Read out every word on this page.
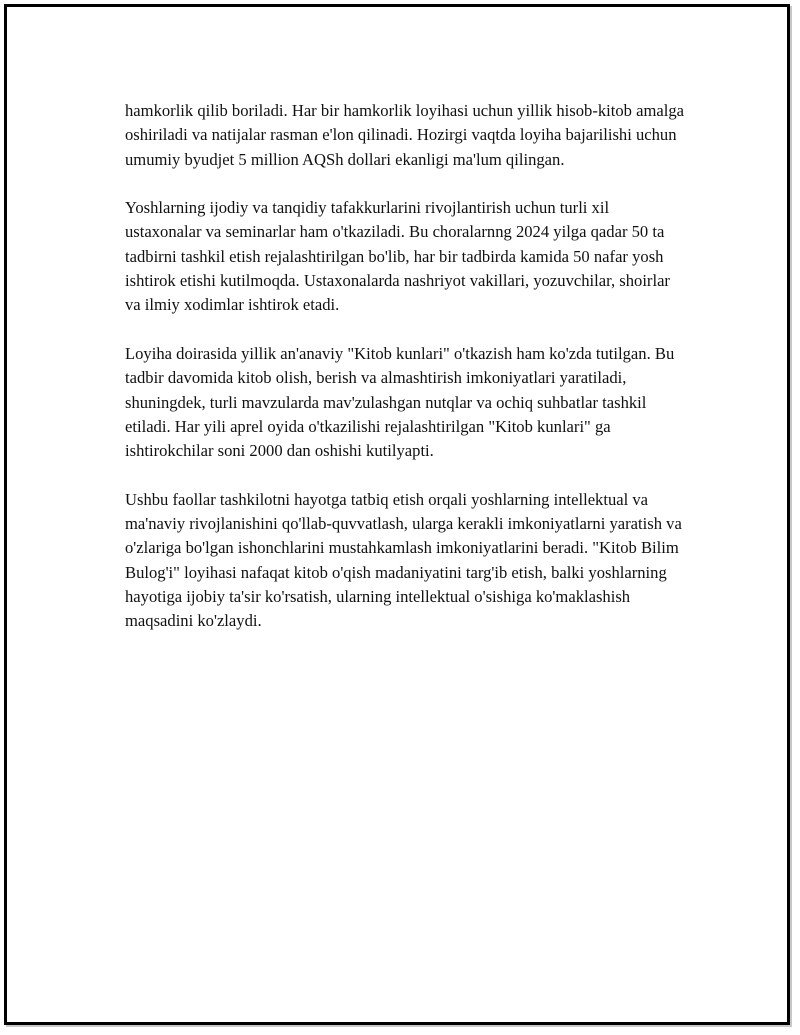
hamkorlik qilib boriladi. Har bir hamkorlik loyihasi uchun yillik hisob-kitob amalga oshiriladi va natijalar rasman e'lon qilinadi. Hozirgi vaqtda loyiha bajarilishi uchun umumiy byudjet 5 million AQSh dollari ekanligi ma'lum qilingan.

Yoshlarning ijodiy va tanqidiy tafakkurlarini rivojlantirish uchun turli xil ustaxonalar va seminarlar ham o'tkaziladi. Bu choralarnng 2024 yilga qadar 50 ta tadbirni tashkil etish rejalashtirilgan bo'lib, har bir tadbirda kamida 50 nafar yosh ishtirok etishi kutilmoqda. Ustaxonalarda nashriyot vakillari, yozuvchilar, shoirlar va ilmiy xodimlar ishtirok etadi.

Loyiha doirasida yillik an'anaviy "Kitob kunlari" o'tkazish ham ko'zda tutilgan. Bu tadbir davomida kitob olish, berish va almashtirish imkoniyatlari yaratiladi, shuningdek, turli mavzularda mav'zulashgan nutqlar va ochiq suhbatlar tashkil etiladi. Har yili aprel oyida o'tkazilishi rejalashtirilgan "Kitob kunlari" ga ishtirokchilar soni 2000 dan oshishi kutilyapti.

Ushbu faollar tashkilotni hayotga tatbiq etish orqali yoshlarning intellektual va ma'naviy rivojlanishini qo'llab-quvvatlash, ularga kerakli imkoniyatlarni yaratish va o'zlariga bo'lgan ishonchlarini mustahkamlash imkoniyatlarini beradi. "Kitob Bilim Bulog'i" loyihasi nafaqat kitob o'qish madaniyatini targ'ib etish, balki yoshlarning hayotiga ijobiy ta'sir ko'rsatish, ularning intellektual o'sishiga ko'maklashish maqsadini ko'zlaydi.
